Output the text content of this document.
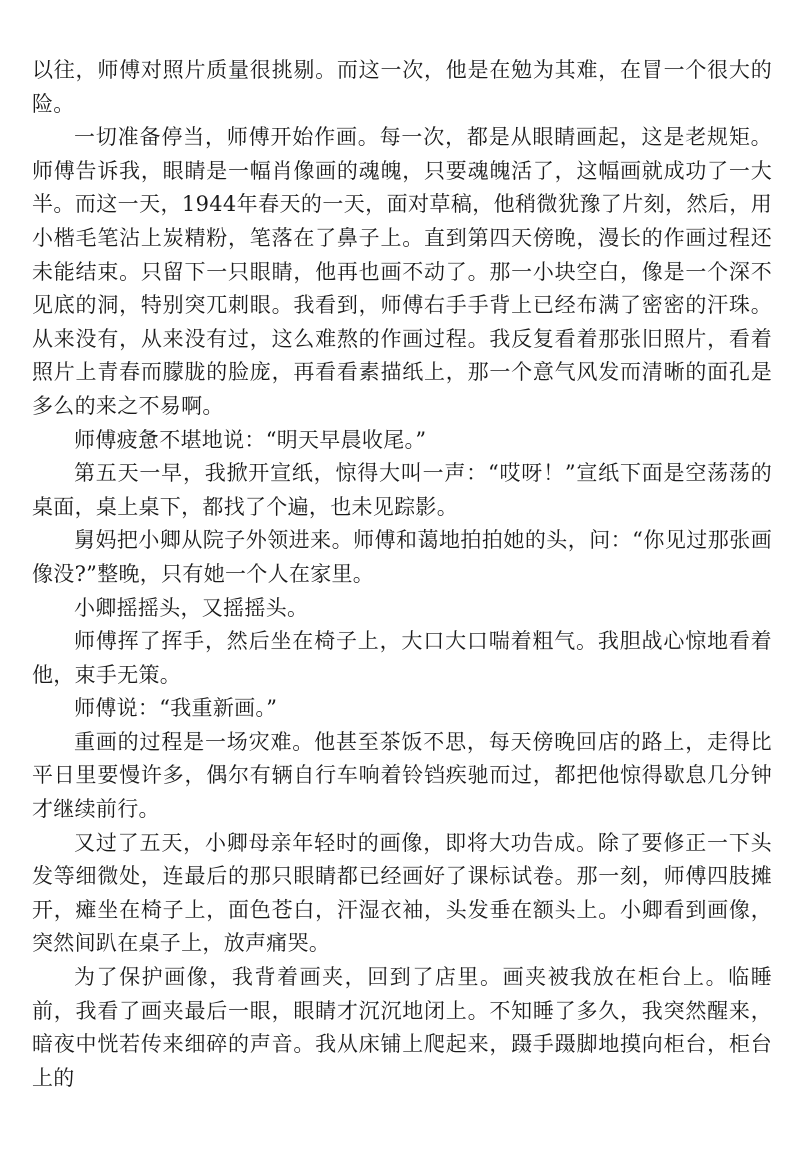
以往，师傅对照片质量很挑剔。而这一次，他是在勉为其难，在冒一个很大的险。

一切准备停当，师傅开始作画。每一次，都是从眼睛画起，这是老规矩。师傅告诉我，眼睛是一幅肖像画的魂魄，只要魂魄活了，这幅画就成功了一大半。而这一天，1944年春天的一天，面对草稿，他稍微犹豫了片刻，然后，用小楷毛笔沾上炭精粉，笔落在了鼻子上。直到第四天傍晚，漫长的作画过程还未能结束。只留下一只眼睛，他再也画不动了。那一小块空白，像是一个深不见底的洞，特别突兀刺眼。我看到，师傅右手手背上已经布满了密密的汗珠。从来没有，从来没有过，这么难熬的作画过程。我反复看着那张旧照片，看着照片上青春而朦胧的脸庞，再看看素描纸上，那一个意气风发而清晰的面孔是多么的来之不易啊。

师傅疲惫不堪地说：“明天早晨收尾。”

第五天一早，我掀开宣纸，惊得大叫一声：“哎呀！”宣纸下面是空荡荡的桌面，桌上桌下，都找了个遍，也未见踪影。

舅妈把小卿从院子外领进来。师傅和蔼地拍拍她的头，问：“你见过那张画像没?”整晚，只有她一个人在家里。

小卿摇摇头，又摇摇头。

师傅挥了挥手，然后坐在椅子上，大口大口喘着粗气。我胆战心惊地看着他，束手无策。

师傅说：“我重新画。”

重画的过程是一场灾难。他甚至茶饭不思，每天傍晚回店的路上，走得比平日里要慢许多，偶尔有辆自行车响着铃铛疾驰而过，都把他惊得歇息几分钟才继续前行。

又过了五天，小卿母亲年轻时的画像，即将大功告成。除了要修正一下头发等细微处，连最后的那只眼睛都已经画好了课标试卷。那一刻，师傅四肢摊开，瘫坐在椅子上，面色苍白，汗湿衣袖，头发垂在额头上。小卿看到画像，突然间趴在桌子上，放声痛哭。

为了保护画像，我背着画夹，回到了店里。画夹被我放在柜台上。临睡前，我看了画夹最后一眼，眼睛才沉沉地闭上。不知睡了多久，我突然醒来，暗夜中恍若传来细碎的声音。我从床铺上爬起来，蹑手蹑脚地摸向柜台，柜台上的
